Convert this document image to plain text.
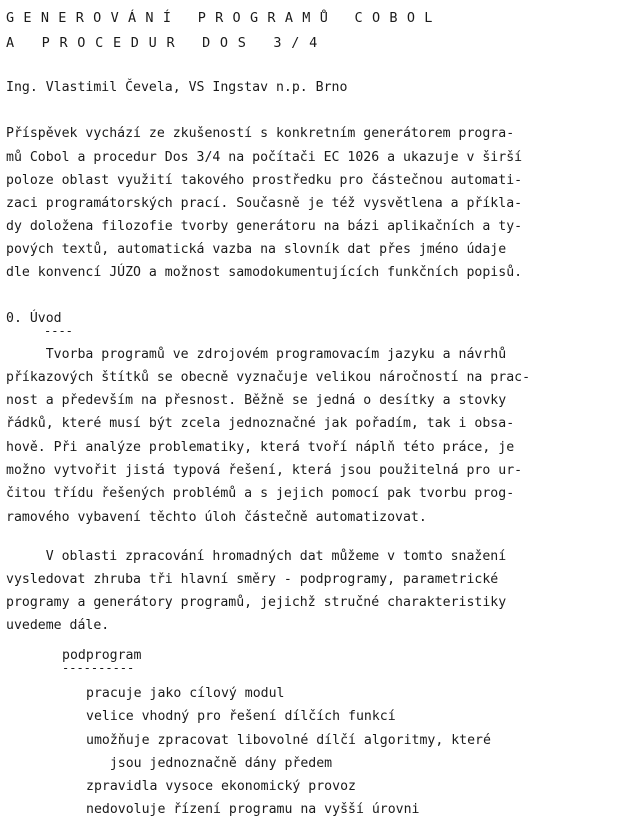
GENEROVÁNÍ PROGRAMŮ COBOL
A PROCEDUR DOS 3/4
Ing. Vlastimil Čevela, VS Ingstav n.p. Brno
Příspěvek vychází ze zkušeností s konkretním generátorem progra-
mů Cobol a procedur Dos 3/4 na počítači EC 1026 a ukazuje v širší
poloze oblast využití takového prostředku pro částečnou automati-
zaci programátorských prací. Současně je též vysvětlena a příkla-
dy doložena filozofie tvorby generátoru na bázi aplikačních a ty-
pových textů, automatická vazba na slovník dat přes jméno údaje
dle konvencí JÚZO a možnost samodokumentujících funkčních popisů.
0. Úvod
----
Tvorba programů ve zdrojovém programovacím jazyku a návrhů
příkazových štítků se obecně vyznačuje velikou náročností na prac-
nost a především na přesnost. Běžně se jedná o desítky a stovky
řádků, které musí být zcela jednoznačné jak pořadím, tak i obsa-
hově. Při analýze problematiky, která tvoří náplň této práce, je
možno vytvořit jistá typová řešení, která jsou použitelná pro ur-
čitou třídu řešených problémů a s jejich pomocí pak tvorbu prog-
ramového vybavení těchto úloh částečně automatizovat.
V oblasti zpracování hromadných dat můžeme v tomto snažení
vysledovat zhruba tři hlavní směry - podprogramy, parametrické
programy a generátory programů, jejichž stručné charakteristiky
uvedeme dále.
podprogram
----------
pracuje jako cílový modul
velice vhodný pro řešení dílčích funkcí
umožňuje zpracovat libovolné dílčí algoritmy, které
jsou jednoznačně dány předem
zpravidla vysoce ekonomický provoz
nedovoluje řízení programu na vyšší úrovni
